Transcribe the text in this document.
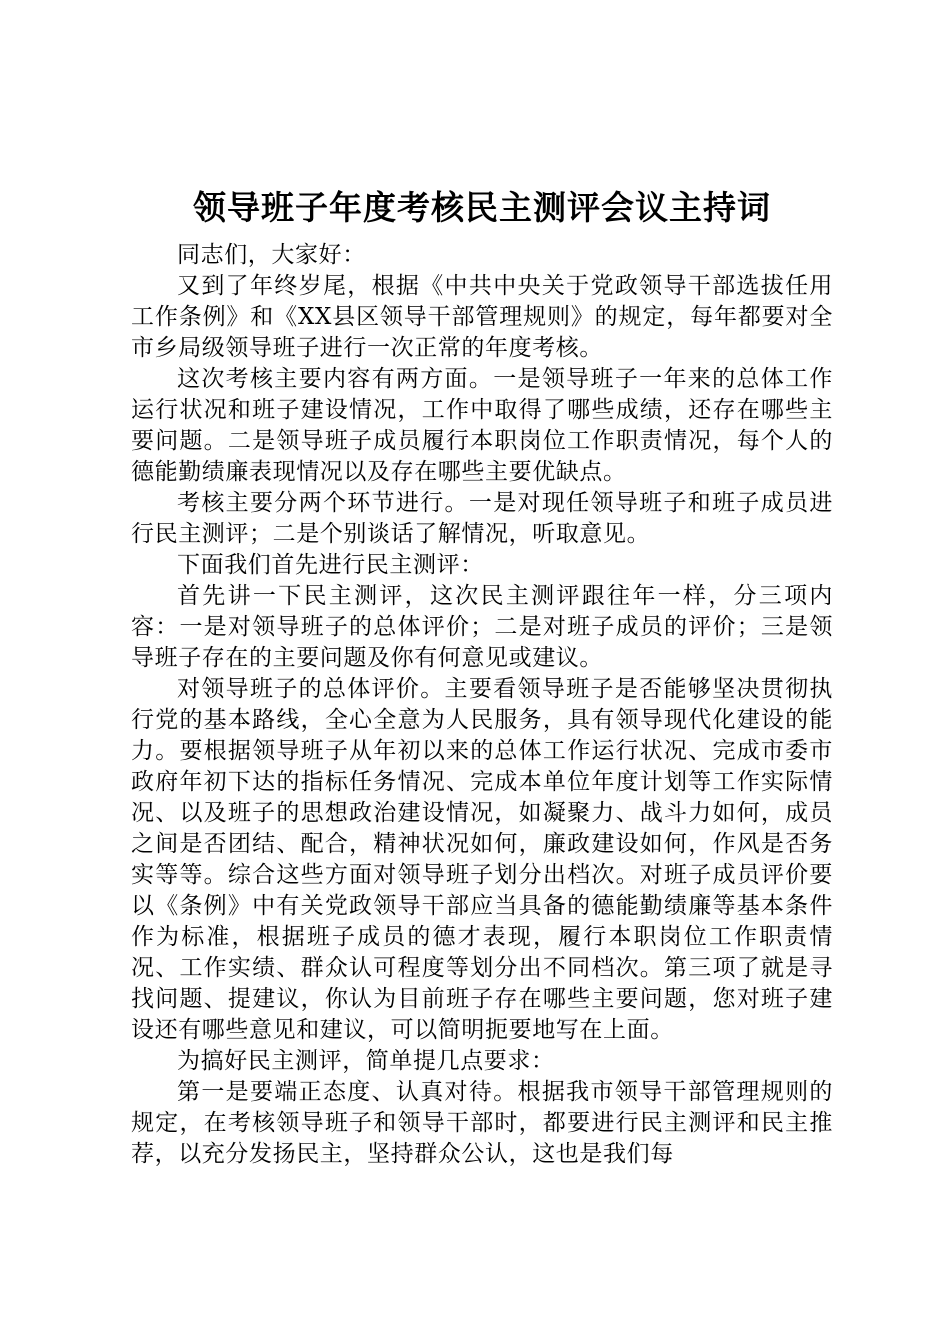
领导班子年度考核民主测评会议主持词

同志们，大家好：

又到了年终岁尾，根据《中共中央关于党政领导干部选拔任用工作条例》和《XX县区领导干部管理规则》的规定，每年都要对全市乡局级领导班子进行一次正常的年度考核。

这次考核主要内容有两方面。一是领导班子一年来的总体工作运行状况和班子建设情况，工作中取得了哪些成绩，还存在哪些主要问题。二是领导班子成员履行本职岗位工作职责情况，每个人的德能勤绩廉表现情况以及存在哪些主要优缺点。

考核主要分两个环节进行。一是对现任领导班子和班子成员进行民主测评；二是个别谈话了解情况，听取意见。

下面我们首先进行民主测评：

首先讲一下民主测评，这次民主测评跟往年一样，分三项内容：一是对领导班子的总体评价；二是对班子成员的评价；三是领导班子存在的主要问题及你有何意见或建议。

对领导班子的总体评价。主要看领导班子是否能够坚决贯彻执行党的基本路线，全心全意为人民服务，具有领导现代化建设的能力。要根据领导班子从年初以来的总体工作运行状况、完成市委市政府年初下达的指标任务情况、完成本单位年度计划等工作实际情况、以及班子的思想政治建设情况，如凝聚力、战斗力如何，成员之间是否团结、配合，精神状况如何，廉政建设如何，作风是否务实等等。综合这些方面对领导班子划分出档次。对班子成员评价要以《条例》中有关党政领导干部应当具备的德能勤绩廉等基本条件作为标准，根据班子成员的德才表现，履行本职岗位工作职责情况、工作实绩、群众认可程度等划分出不同档次。第三项了就是寻找问题、提建议，你认为目前班子存在哪些主要问题，您对班子建设还有哪些意见和建议，可以简明扼要地写在上面。

为搞好民主测评，简单提几点要求：

第一是要端正态度、认真对待。根据我市领导干部管理规则的规定，在考核领导班子和领导干部时，都要进行民主测评和民主推荐，以充分发扬民主，坚持群众公认，这也是我们每
